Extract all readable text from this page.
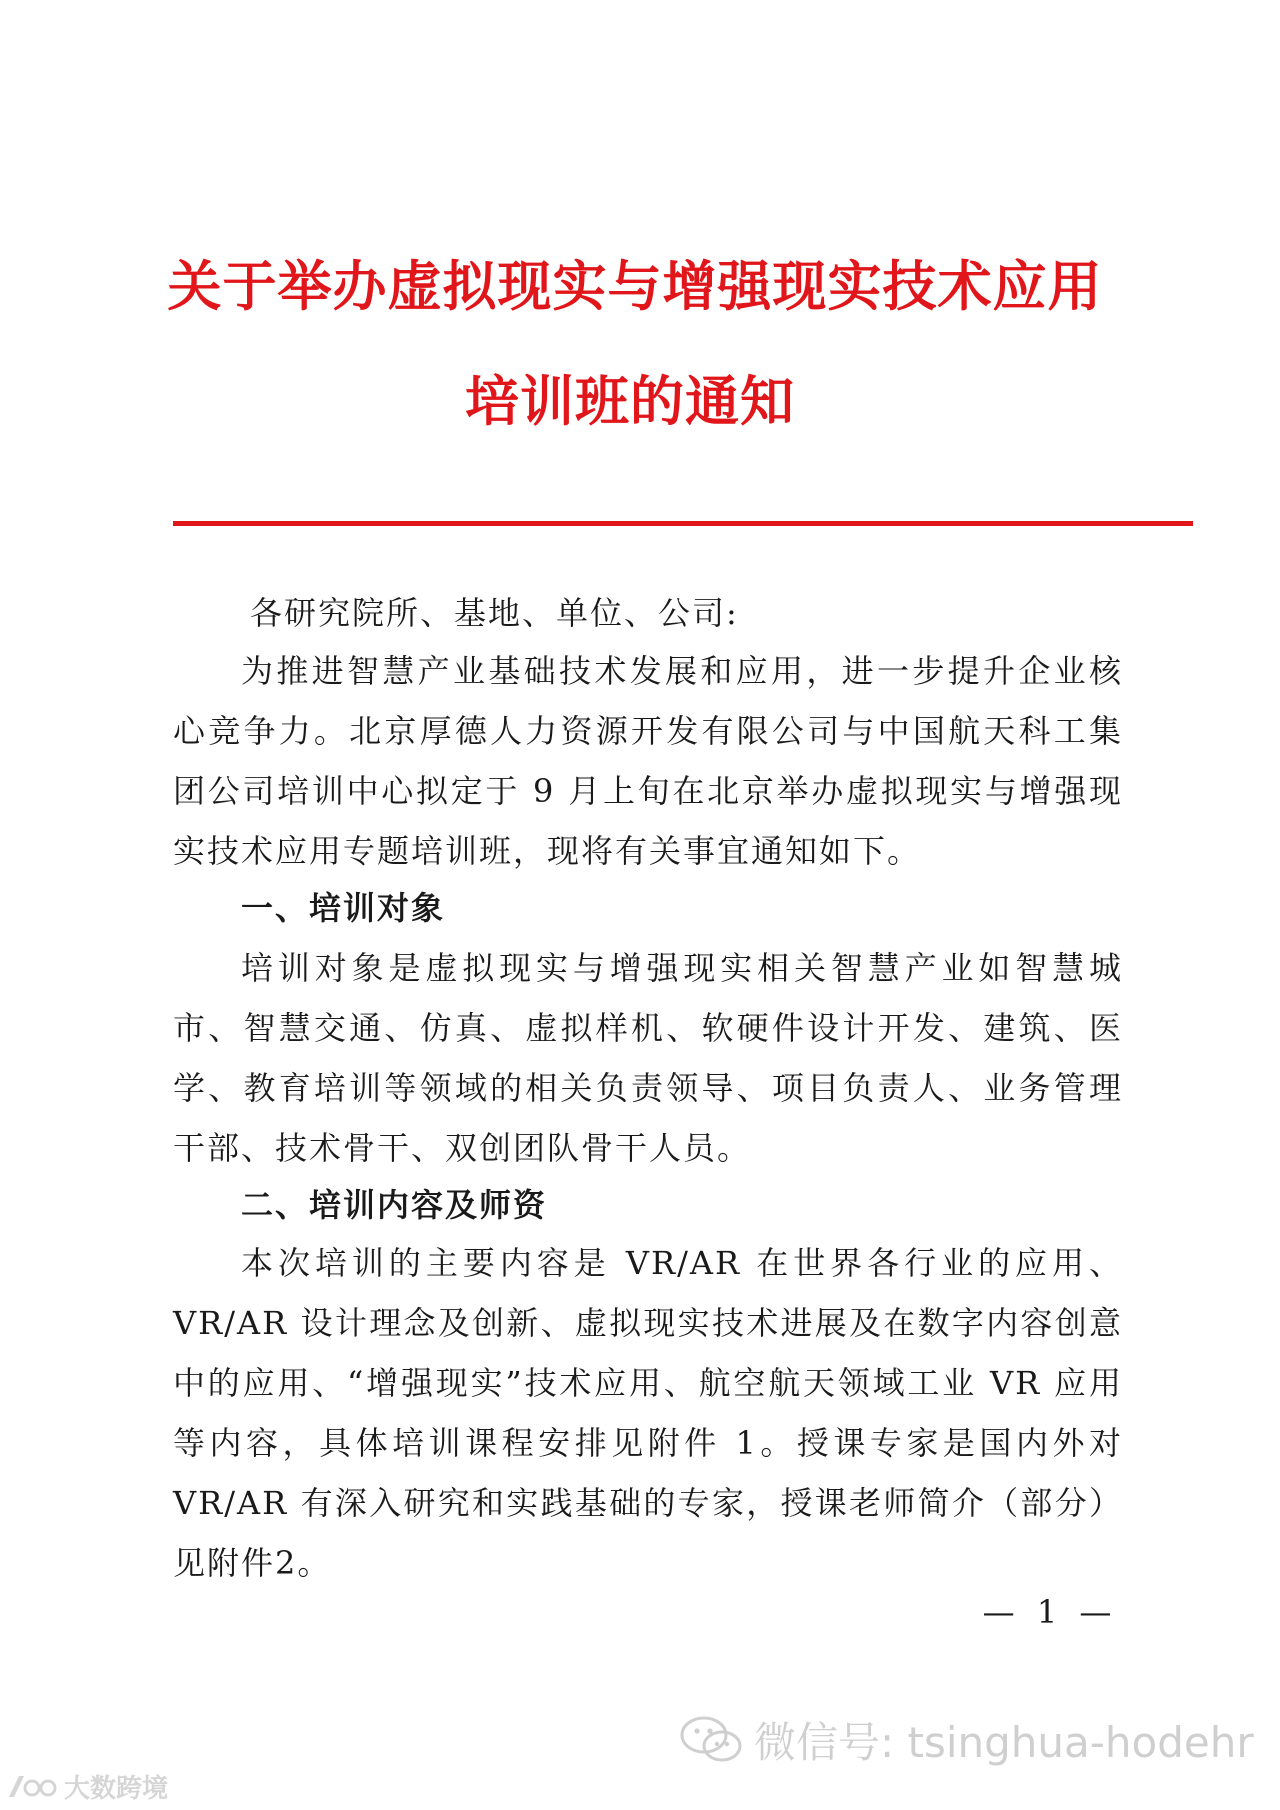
关于举办虚拟现实与增强现实技术应用
培训班的通知

各研究院所、基地、单位、公司:

为推进智慧产业基础技术发展和应用，进一步提升企业核心竞争力。北京厚德人力资源开发有限公司与中国航天科工集团公司培训中心拟定于 9 月上旬在北京举办虚拟现实与增强现实技术应用专题培训班，现将有关事宜通知如下。

一、培训对象

培训对象是虚拟现实与增强现实相关智慧产业如智慧城市、智慧交通、仿真、虚拟样机、软硬件设计开发、建筑、医学、教育培训等领域的相关负责领导、项目负责人、业务管理干部、技术骨干、双创团队骨干人员。

二、培训内容及师资

本次培训的主要内容是 VR/AR 在世界各行业的应用、VR/AR 设计理念及创新、虚拟现实技术进展及在数字内容创意中的应用、“增强现实”技术应用、航空航天领域工业 VR 应用等内容，具体培训课程安排见附件 1。授课专家是国内外对 VR/AR 有深入研究和实践基础的专家，授课老师简介（部分）见附件2。

— 1 —
微信号: tsinghua-hodehr
大数跨境
